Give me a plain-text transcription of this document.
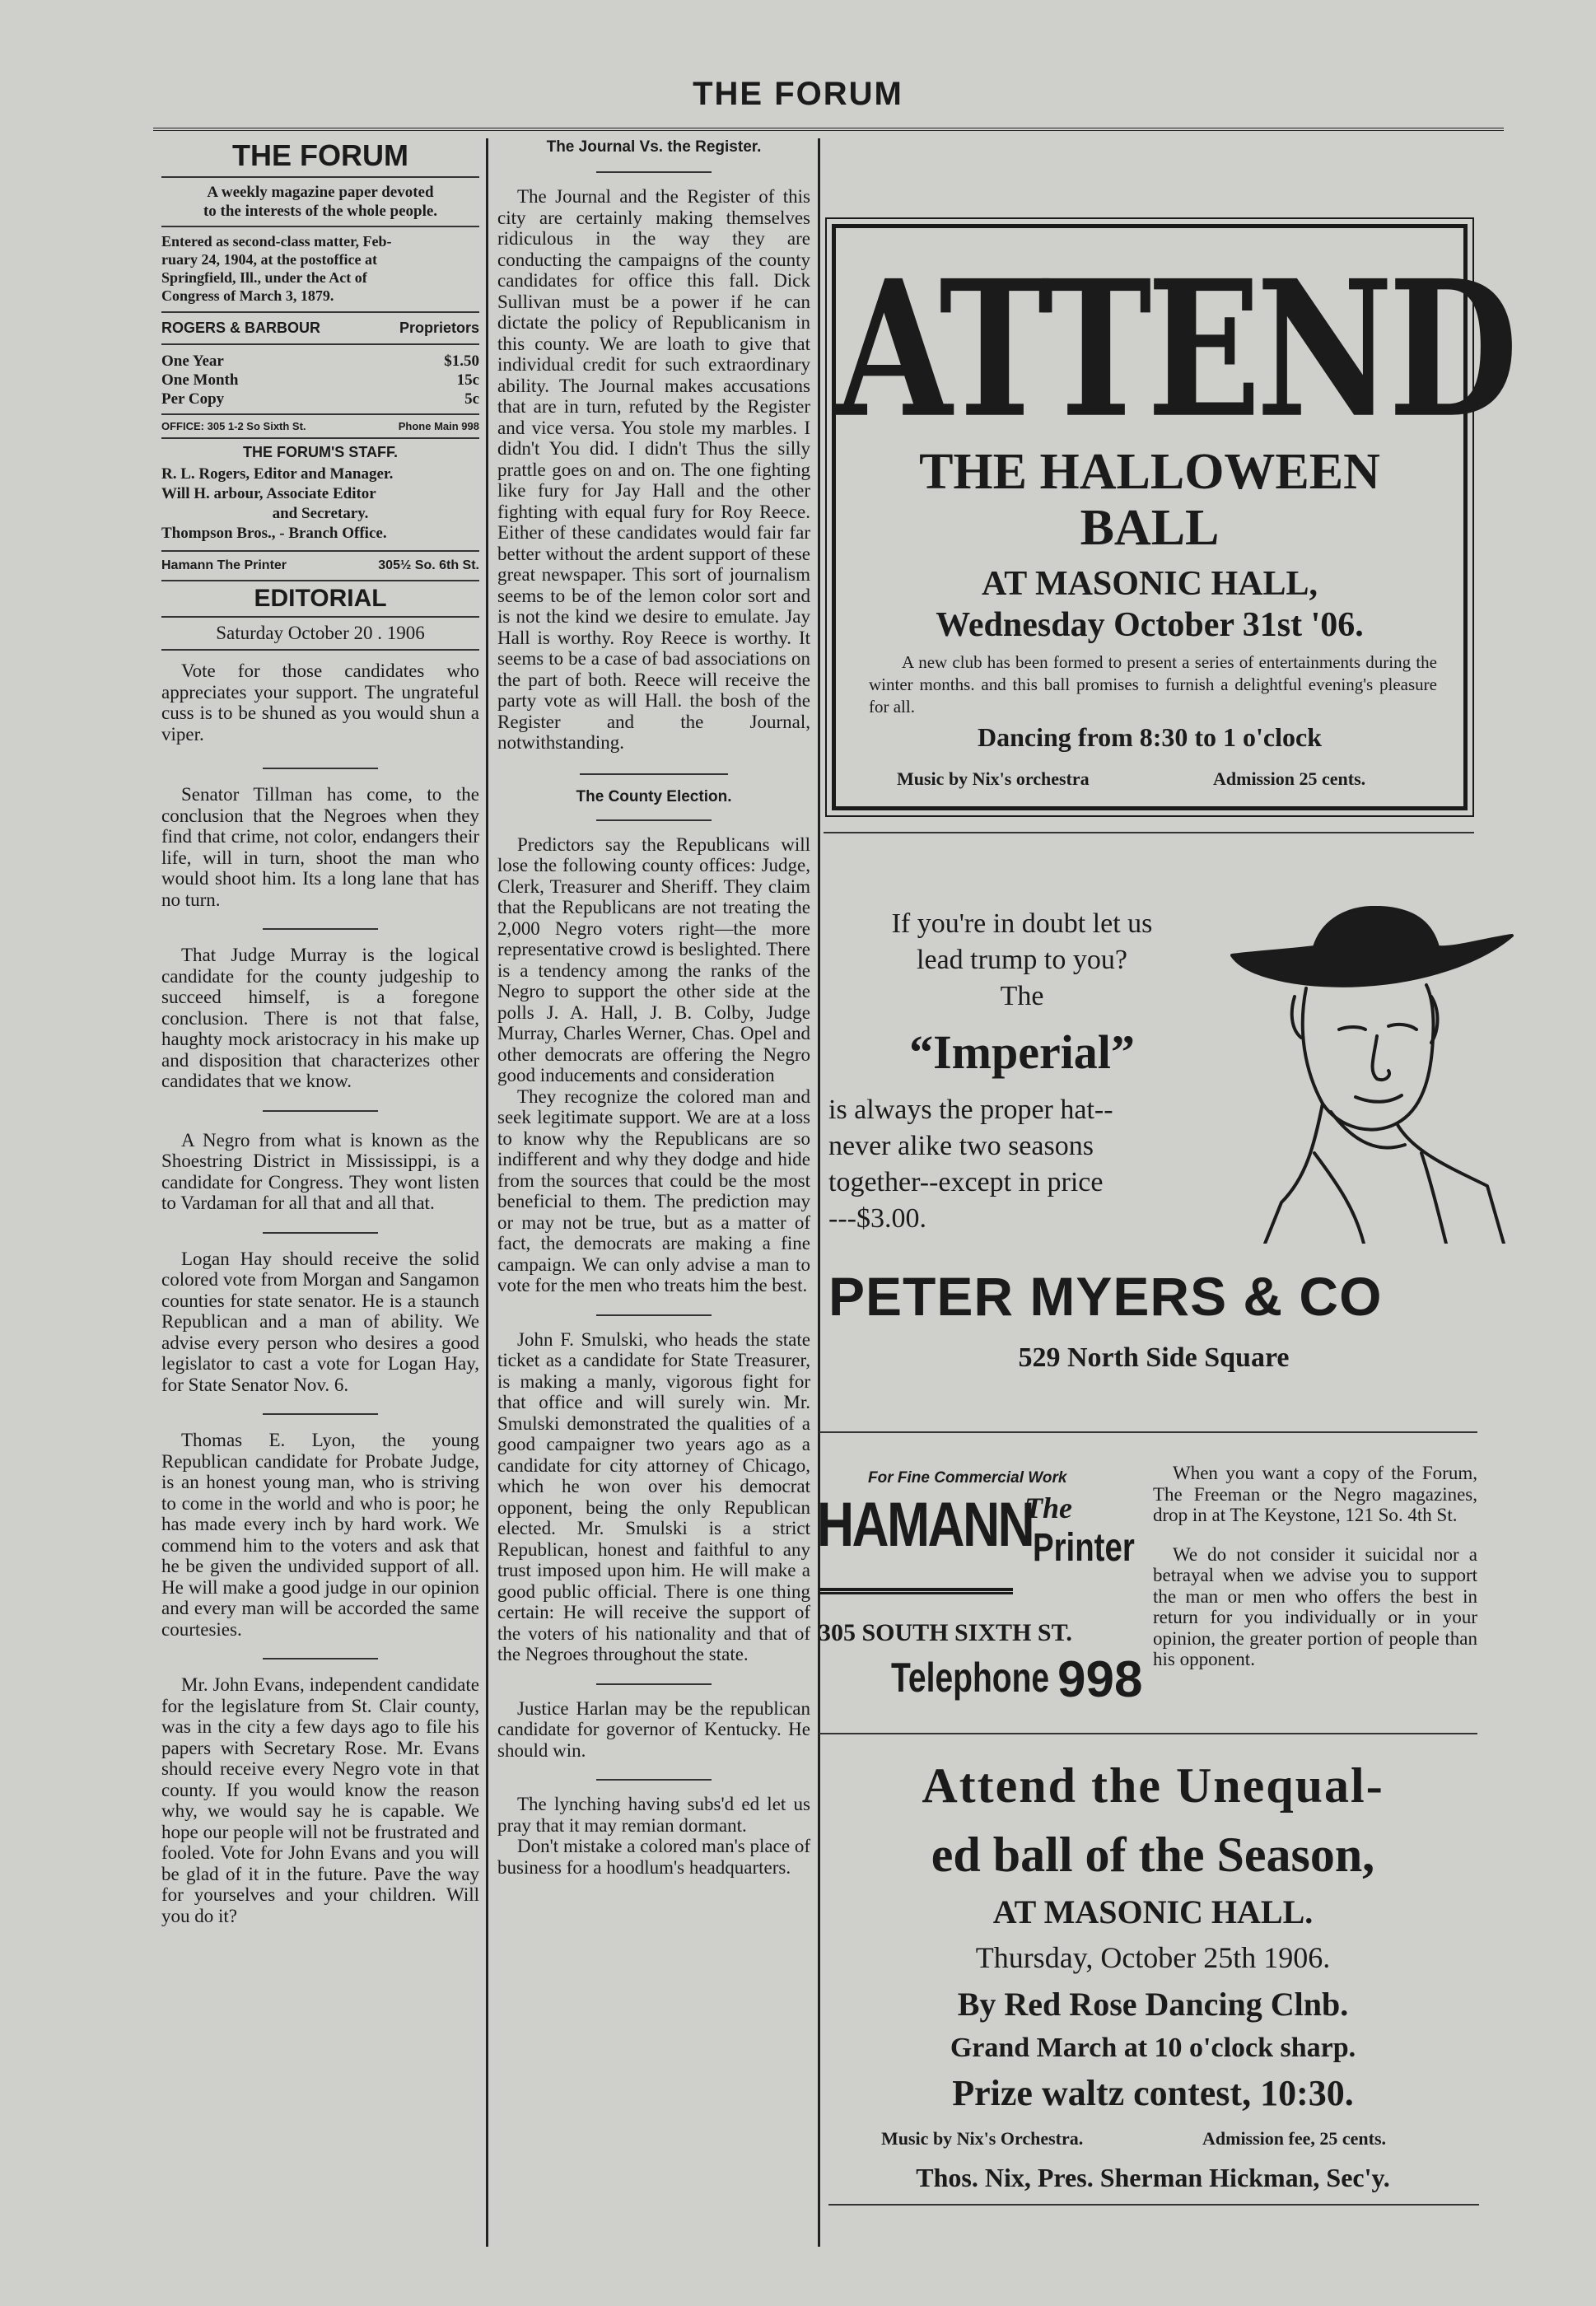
THE FORUM
THE FORUM
A weekly magazine paper devoted
to the interests of the whole people.
Entered as second-class matter, Feb-
ruary 24, 1904, at the postoffice at
Springfield, Ill., under the Act of
Congress of March 3, 1879.
ROGERS & BARBOUR	Proprietors
One Year	$1.50
One Month	15c
Per Copy	5c
OFFICE: 305 1-2 So Sixth St.	Phone Main 998
THE FORUM'S STAFF.
R. L. Rogers, Editor and Manager.
Will H. arbour, Associate Editor
and Secretary.
Thompson Bros., - Branch Office.
Hamann The Printer	305½ So. 6th St.
EDITORIAL
Saturday October 20 . 1906

Vote for those candidates who appreciates your support. The ungrateful cuss is to be shuned as you would shun a viper.

Senator Tillman has come, to the conclusion that the Negroes when they find that crime, not color, endangers their life, will in turn, shoot the man who would shoot him. Its a long lane that has no turn.

That Judge Murray is the logical candidate for the county judgeship to succeed himself, is a foregone conclusion. There is not that false, haughty mock aristocracy in his make up and disposition that characterizes other candidates that we know.

A Negro from what is known as the Shoestring District in Mississippi, is a candidate for Congress. They wont listen to Vardaman for all that and all that.

Logan Hay should receive the solid colored vote from Morgan and Sangamon counties for state senator. He is a staunch Republican and a man of ability. We advise every person who desires a good legislator to cast a vote for Logan Hay, for State Senator Nov. 6.

Thomas E. Lyon, the young Republican candidate for Probate Judge, is an honest young man, who is striving to come in the world and who is poor; he has made every inch by hard work. We commend him to the voters and ask that he be given the undivided support of all. He will make a good judge in our opinion and every man will be accorded the same courtesies.

Mr. John Evans, independent candidate for the legislature from St. Clair county, was in the city a few days ago to file his papers with Secretary Rose. Mr. Evans should receive every Negro vote in that county. If you would know the reason why, we would say he is capable. We hope our people will not be frustrated and fooled. Vote for John Evans and you will be glad of it in the future. Pave the way for yourselves and your children. Will you do it?

The Journal Vs. the Register.

The Journal and the Register of this city are certainly making themselves ridiculous in the way they are conducting the campaigns of the county candidates for office this fall. Dick Sullivan must be a power if he can dictate the policy of Republicanism in this county. We are loath to give that individual credit for such extraordinary ability. The Journal makes accusations that are in turn, refuted by the Register and vice versa. You stole my marbles. I didn't You did. I didn't Thus the silly prattle goes on and on. The one fighting like fury for Jay Hall and the other fighting with equal fury for Roy Reece. Either of these candidates would fair far better without the ardent support of these great newspaper. This sort of journalism seems to be of the lemon color sort and is not the kind we desire to emulate. Jay Hall is worthy. Roy Reece is worthy. It seems to be a case of bad associations on the part of both. Reece will receive the party vote as will Hall. the bosh of the Register and the Journal, notwithstanding.

The County Election.

Predictors say the Republicans will lose the following county offices: Judge, Clerk, Treasurer and Sheriff. They claim that the Republicans are not treating the 2,000 Negro voters right—the more representative crowd is beslighted. There is a tendency among the ranks of the Negro to support the other side at the polls J. A. Hall, J. B. Colby, Judge Murray, Charles Werner, Chas. Opel and other democrats are offering the Negro good inducements and consideration

They recognize the colored man and seek legitimate support. We are at a loss to know why the Republicans are so indifferent and why they dodge and hide from the sources that could be the most beneficial to them. The prediction may or may not be true, but as a matter of fact, the democrats are making a fine campaign. We can only advise a man to vote for the men who treats him the best.

John F. Smulski, who heads the state ticket as a candidate for State Treasurer, is making a manly, vigorous fight for that office and will surely win. Mr. Smulski demonstrated the qualities of a good campaigner two years ago as a candidate for city attorney of Chicago, which he won over his democrat opponent, being the only Republican elected. Mr. Smulski is a strict Republican, honest and faithful to any trust imposed upon him. He will make a good public official. There is one thing certain: He will receive the support of the voters of his nationality and that of the Negroes throughout the state.

Justice Harlan may be the republican candidate for governor of Kentucky. He should win.

The lynching having subs'd ed let us pray that it may remian dormant.

Don't mistake a colored man's place of business for a hoodlum's headquarters.

ATTEND
THE HALLOWEEN
BALL
AT MASONIC HALL,
Wednesday October 31st '06.
A new club has been formed to present a series of entertainments during the winter months. and this ball promises to furnish a delightful evening's pleasure for all.
Dancing from 8:30 to 1 o'clock
Music by Nix's orchestra	Admission 25 cents.
If you're in doubt let us
lead trump to you?
The
“Imperial”
is always the proper hat--
never alike two seasons
together--except in price
---$3.00.
PETER MYERS & CO
529 North Side Square
For Fine Commercial Work
HAMANN
The
Printer
305 SOUTH SIXTH ST.
Telephone 998

When you want a copy of the Forum, The Freeman or the Negro magazines, drop in at The Keystone, 121 So. 4th St.

We do not consider it suicidal nor a betrayal when we advise you to support the man or men who offers the best in return for you individually or in your opinion, the greater portion of people than his opponent.

Attend the Unequal-
ed ball of the Season,
AT MASONIC HALL.
Thursday, October 25th 1906.
By Red Rose Dancing Clnb.
Grand March at 10 o'clock sharp.
Prize waltz contest, 10:30.
Music by Nix's Orchestra.	Admission fee, 25 cents.
Thos. Nix, Pres. Sherman Hickman, Sec'y.
